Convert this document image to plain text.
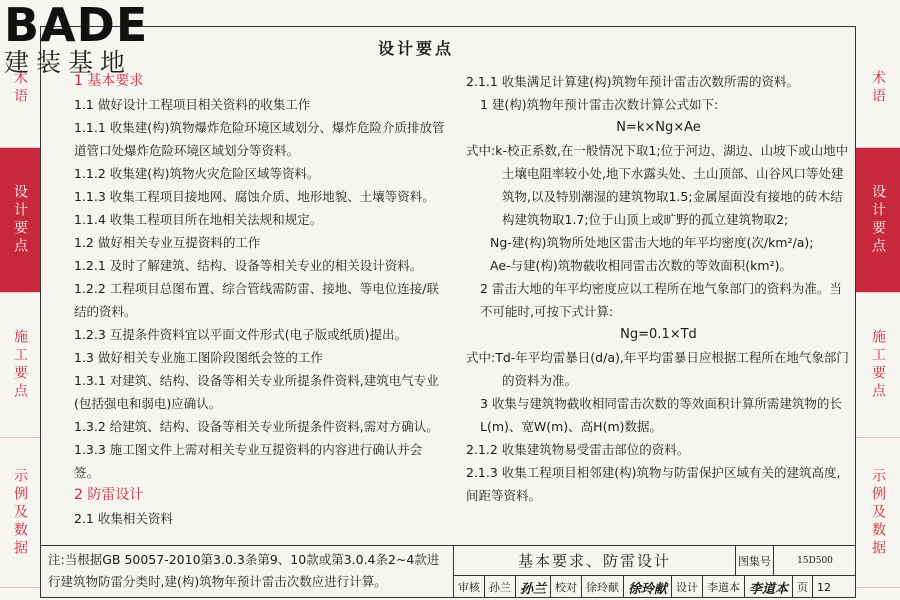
BADE
建装基地
术语
设计要点
施工要点
示例及数据
术语
设计要点
施工要点
示例及数据
设计要点

1 基本要求

1.1 做好设计工程项目相关资料的收集工作

1.1.1 收集建(构)筑物爆炸危险环境区域划分、爆炸危险介质排放管道管口处爆炸危险环境区域划分等资料。

1.1.2 收集建(构)筑物火灾危险区域等资料。

1.1.3 收集工程项目接地网、腐蚀介质、地形地貌、土壤等资料。

1.1.4 收集工程项目所在地相关法规和规定。

1.2 做好相关专业互提资料的工作

1.2.1 及时了解建筑、结构、设备等相关专业的相关设计资料。

1.2.2 工程项目总图布置、综合管线需防雷、接地、等电位连接/联结的资料。

1.2.3 互提条件资料宜以平面文件形式(电子版或纸质)提出。

1.3 做好相关专业施工图阶段图纸会签的工作

1.3.1 对建筑、结构、设备等相关专业所提条件资料,建筑电气专业(包括强电和弱电)应确认。

1.3.2 给建筑、结构、设备等相关专业所提条件资料,需对方确认。

1.3.3 施工图文件上需对相关专业互提资料的内容进行确认并会签。

2 防雷设计

2.1 收集相关资料

2.1.1 收集满足计算建(构)筑物年预计雷击次数所需的资料。

1 建(构)筑物年预计雷击次数计算公式如下:

N=k×Ng×Ae

式中:k-校正系数,在一般情况下取1;位于河边、湖边、山坡下或山地中土壤电阻率较小处,地下水露头处、土山顶部、山谷风口等处建筑物,以及特别潮湿的建筑物取1.5;金属屋面没有接地的砖木结构建筑物取1.7;位于山顶上或旷野的孤立建筑物取2;

Ng-建(构)筑物所处地区雷击大地的年平均密度(次/km²/a);

Ae-与建(构)筑物截收相同雷击次数的等效面积(km²)。

2 雷击大地的年平均密度应以工程所在地气象部门的资料为准。当不可能时,可按下式计算:

Ng=0.1×Td

式中:Td-年平均雷暴日(d/a),年平均雷暴日应根据工程所在地气象部门的资料为准。

3 收集与建筑物截收相同雷击次数的等效面积计算所需建筑物的长L(m)、宽W(m)、高H(m)数据。

2.1.2 收集建筑物易受雷击部位的资料。

2.1.3 收集工程项目相邻建(构)筑物与防雷保护区域有关的建筑高度,间距等资料。

注:当根据GB 50057-2010第3.0.3条第9、10款或第3.0.4条2~4款进行建筑物防雷分类时,建(构)筑物年预计雷击次数应进行计算。
基本要求、防雷设计	图集号	15D500
审核 孙兰 孙兰 校对 徐玲献 徐玲献 设计 李道本 李道本 页 12
